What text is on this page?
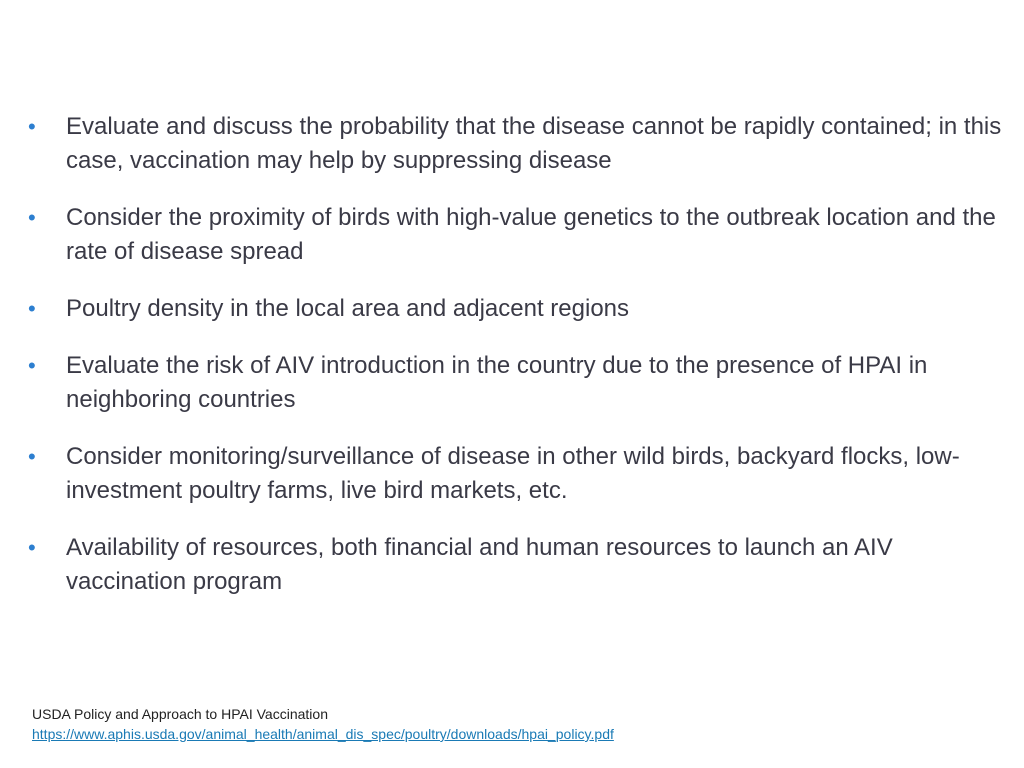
•	Evaluate and discuss the probability that the disease cannot be rapidly contained; in this case, vaccination may help by suppressing disease
•	Consider the proximity of birds with high-value genetics to the outbreak location and the rate of disease spread
•	Poultry density in the local area and adjacent regions
•	Evaluate the risk of AIV introduction in the country due to the presence of HPAI in neighboring countries
•	Consider monitoring/surveillance of disease in other wild birds, backyard flocks, low-investment poultry farms, live bird markets, etc.
•	Availability of resources, both financial and human resources to launch an AIV vaccination program
USDA Policy and Approach to HPAI Vaccination
https://www.aphis.usda.gov/animal_health/animal_dis_spec/poultry/downloads/hpai_policy.pdf
